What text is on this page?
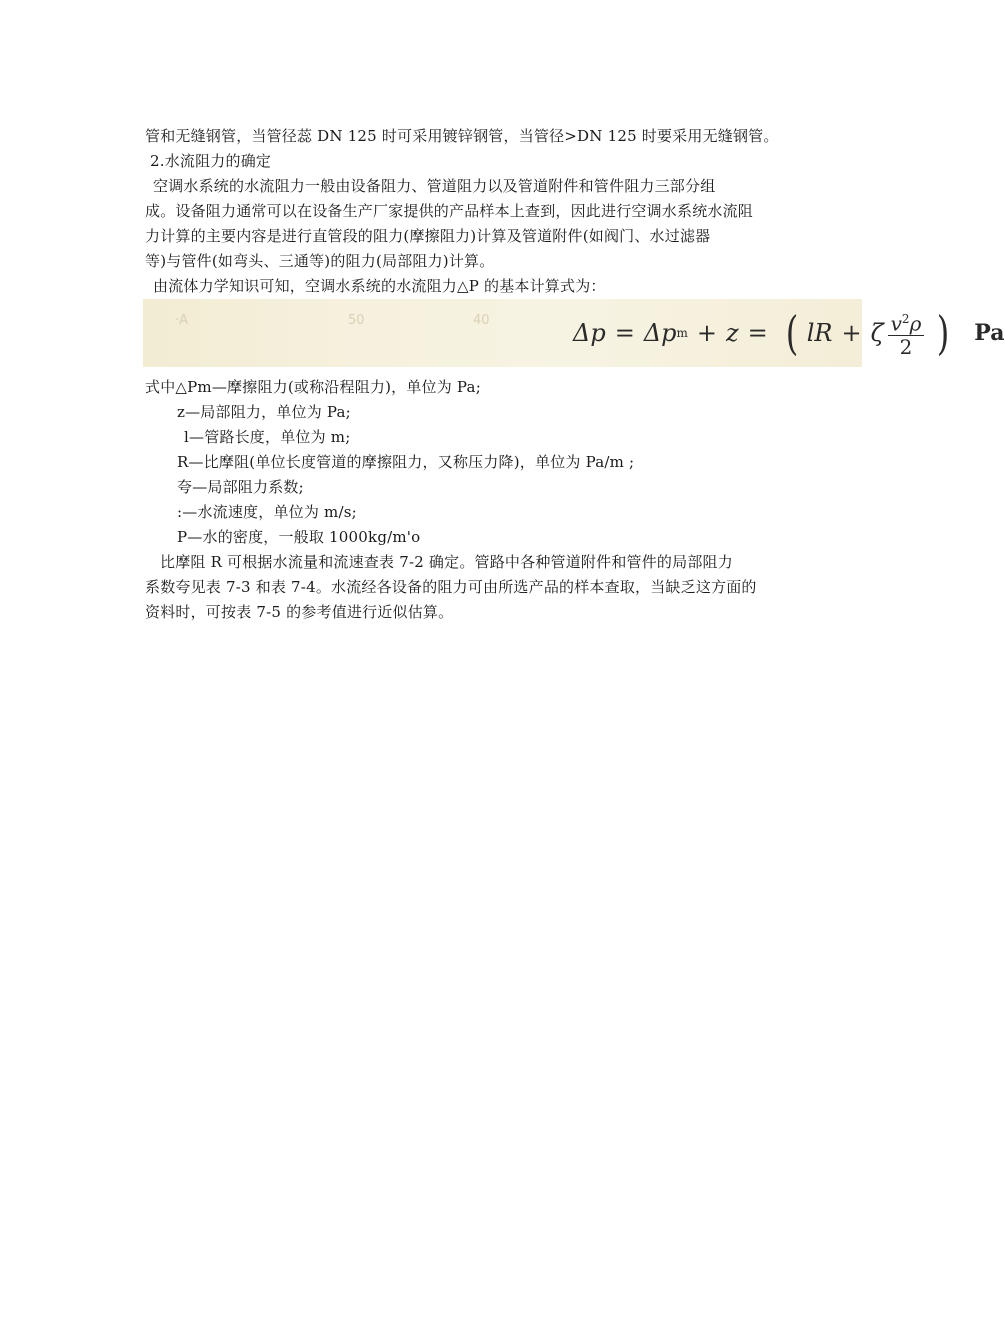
管和无缝钢管，当管径蕊 DN 125 时可采用镀锌钢管，当管径>DN 125 时要采用无缝钢管。
2.水流阻力的确定
空调水系统的水流阻力一般由设备阻力、管道阻力以及管道附件和管件阻力三部分组
成。设备阻力通常可以在设备生产厂家提供的产品样本上查到，因此进行空调水系统水流阻
力计算的主要内容是进行直管段的阻力(摩擦阻力)计算及管道附件(如阀门、水过滤器
等)与管件(如弯头、三通等)的阻力(局部阻力)计算。
由流体力学知识可知，空调水系统的水流阻力△P 的基本计算式为：
·A	50	40	Δp = Δp m + z = ( lR + ζ $\frac{v^2\rho}{2}$ ) Pa
式中△Pm—摩擦阻力(或称沿程阻力)，单位为 Pa;
z—局部阻力，单位为 Pa;
l—管路长度，单位为 m;
R—比摩阻(单位长度管道的摩擦阻力，又称压力降)，单位为 Pa/m ;
夸—局部阻力系数;
:—水流速度，单位为 m/s;
P—水的密度，一般取 1000kg/m'o
比摩阻 R 可根据水流量和流速查表 7-2 确定。管路中各种管道附件和管件的局部阻力
系数夸见表 7-3 和表 7-4。水流经各设备的阻力可由所选产品的样本查取，当缺乏这方面的
资料时，可按表 7-5 的参考值进行近似估算。
